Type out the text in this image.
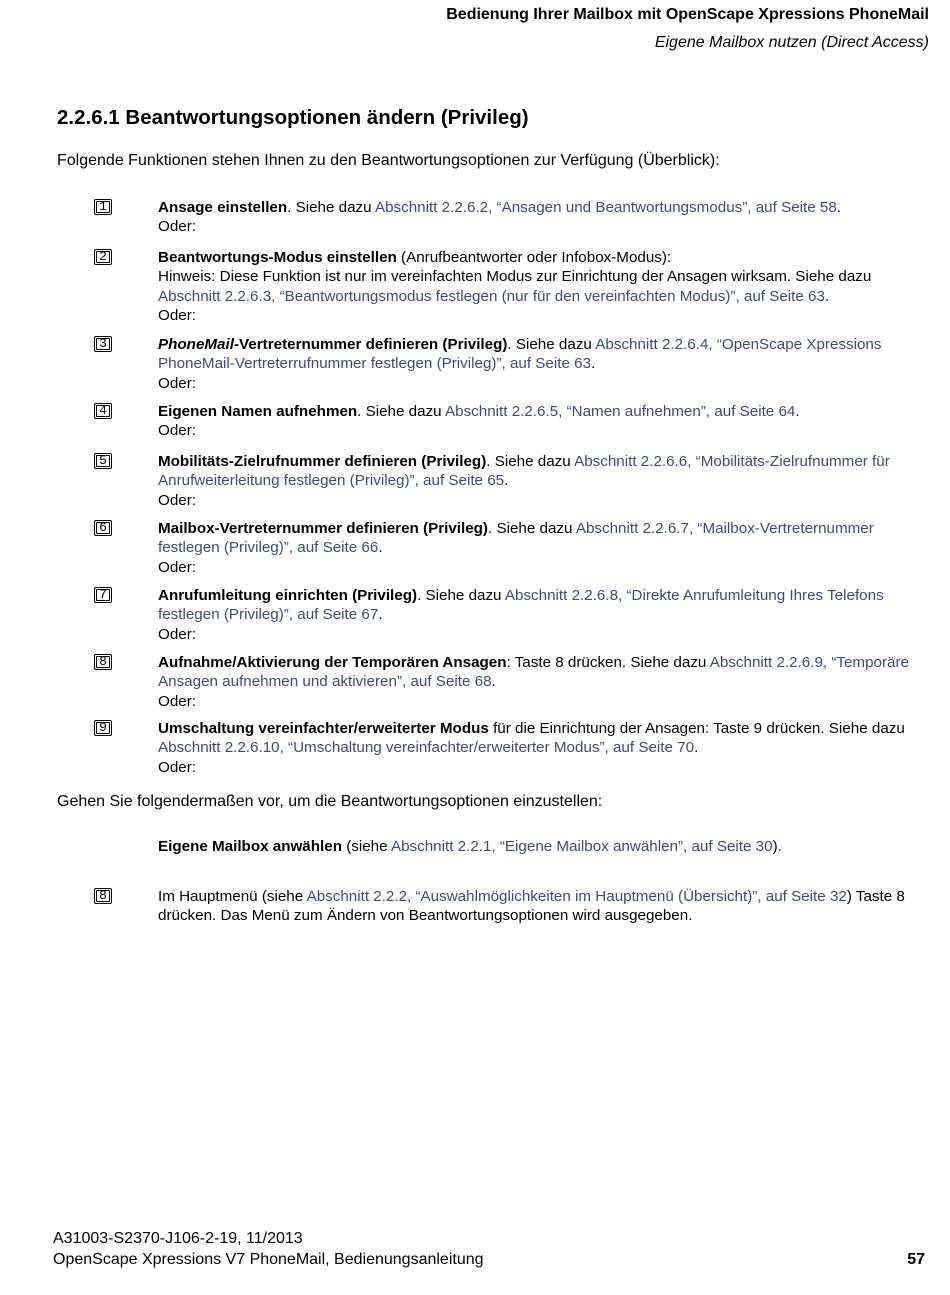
Bedienung Ihrer Mailbox mit OpenScape Xpressions PhoneMail
Eigene Mailbox nutzen (Direct Access)
2.2.6.1 Beantwortungsoptionen ändern (Privileg)
Folgende Funktionen stehen Ihnen zu den Beantwortungsoptionen zur Verfügung (Überblick):
1	Ansage einstellen. Siehe dazu Abschnitt 2.2.6.2, “Ansagen und Beantwortungsmodus”, auf Seite 58.
Oder:
2	Beantwortungs-Modus einstellen (Anrufbeantworter oder Infobox-Modus):
Hinweis: Diese Funktion ist nur im vereinfachten Modus zur Einrichtung der Ansagen wirksam. Siehe dazu Abschnitt 2.2.6.3, “Beantwortungsmodus festlegen (nur für den vereinfachten Modus)”, auf Seite 63.
Oder:
3	PhoneMail-Vertreternummer definieren (Privileg). Siehe dazu Abschnitt 2.2.6.4, “OpenScape Xpressions PhoneMail-Vertreterrufnummer festlegen (Privileg)”, auf Seite 63.
Oder:
4	Eigenen Namen aufnehmen. Siehe dazu Abschnitt 2.2.6.5, “Namen aufnehmen”, auf Seite 64.
Oder:
5	Mobilitäts-Zielrufnummer definieren (Privileg). Siehe dazu Abschnitt 2.2.6.6, “Mobilitäts-Zielrufnummer für Anrufweiterleitung festlegen (Privileg)”, auf Seite 65.
Oder:
6	Mailbox-Vertreternummer definieren (Privileg). Siehe dazu Abschnitt 2.2.6.7, “Mailbox-Vertreternummer festlegen (Privileg)”, auf Seite 66.
Oder:
7	Anrufumleitung einrichten (Privileg). Siehe dazu Abschnitt 2.2.6.8, “Direkte Anrufumleitung Ihres Telefons festlegen (Privileg)”, auf Seite 67.
Oder:
8	Aufnahme/Aktivierung der Temporären Ansagen: Taste 8 drücken. Siehe dazu Abschnitt 2.2.6.9, “Temporäre Ansagen aufnehmen und aktivieren”, auf Seite 68.
Oder:
9	Umschaltung vereinfachter/erweiterter Modus für die Einrichtung der Ansagen: Taste 9 drücken. Siehe dazu Abschnitt 2.2.6.10, “Umschaltung vereinfachter/erweiterter Modus”, auf Seite 70.
Oder:
Gehen Sie folgendermaßen vor, um die Beantwortungsoptionen einzustellen:
Eigene Mailbox anwählen (siehe Abschnitt 2.2.1, “Eigene Mailbox anwählen”, auf Seite 30).
8	Im Hauptmenü (siehe Abschnitt 2.2.2, “Auswahlmöglichkeiten im Hauptmenü (Übersicht)”, auf Seite 32) Taste 8 drücken. Das Menü zum Ändern von Beantwortungsoptionen wird ausgegeben.
A31003-S2370-J106-2-19, 11/2013
OpenScape Xpressions V7 PhoneMail, Bedienungsanleitung	57
